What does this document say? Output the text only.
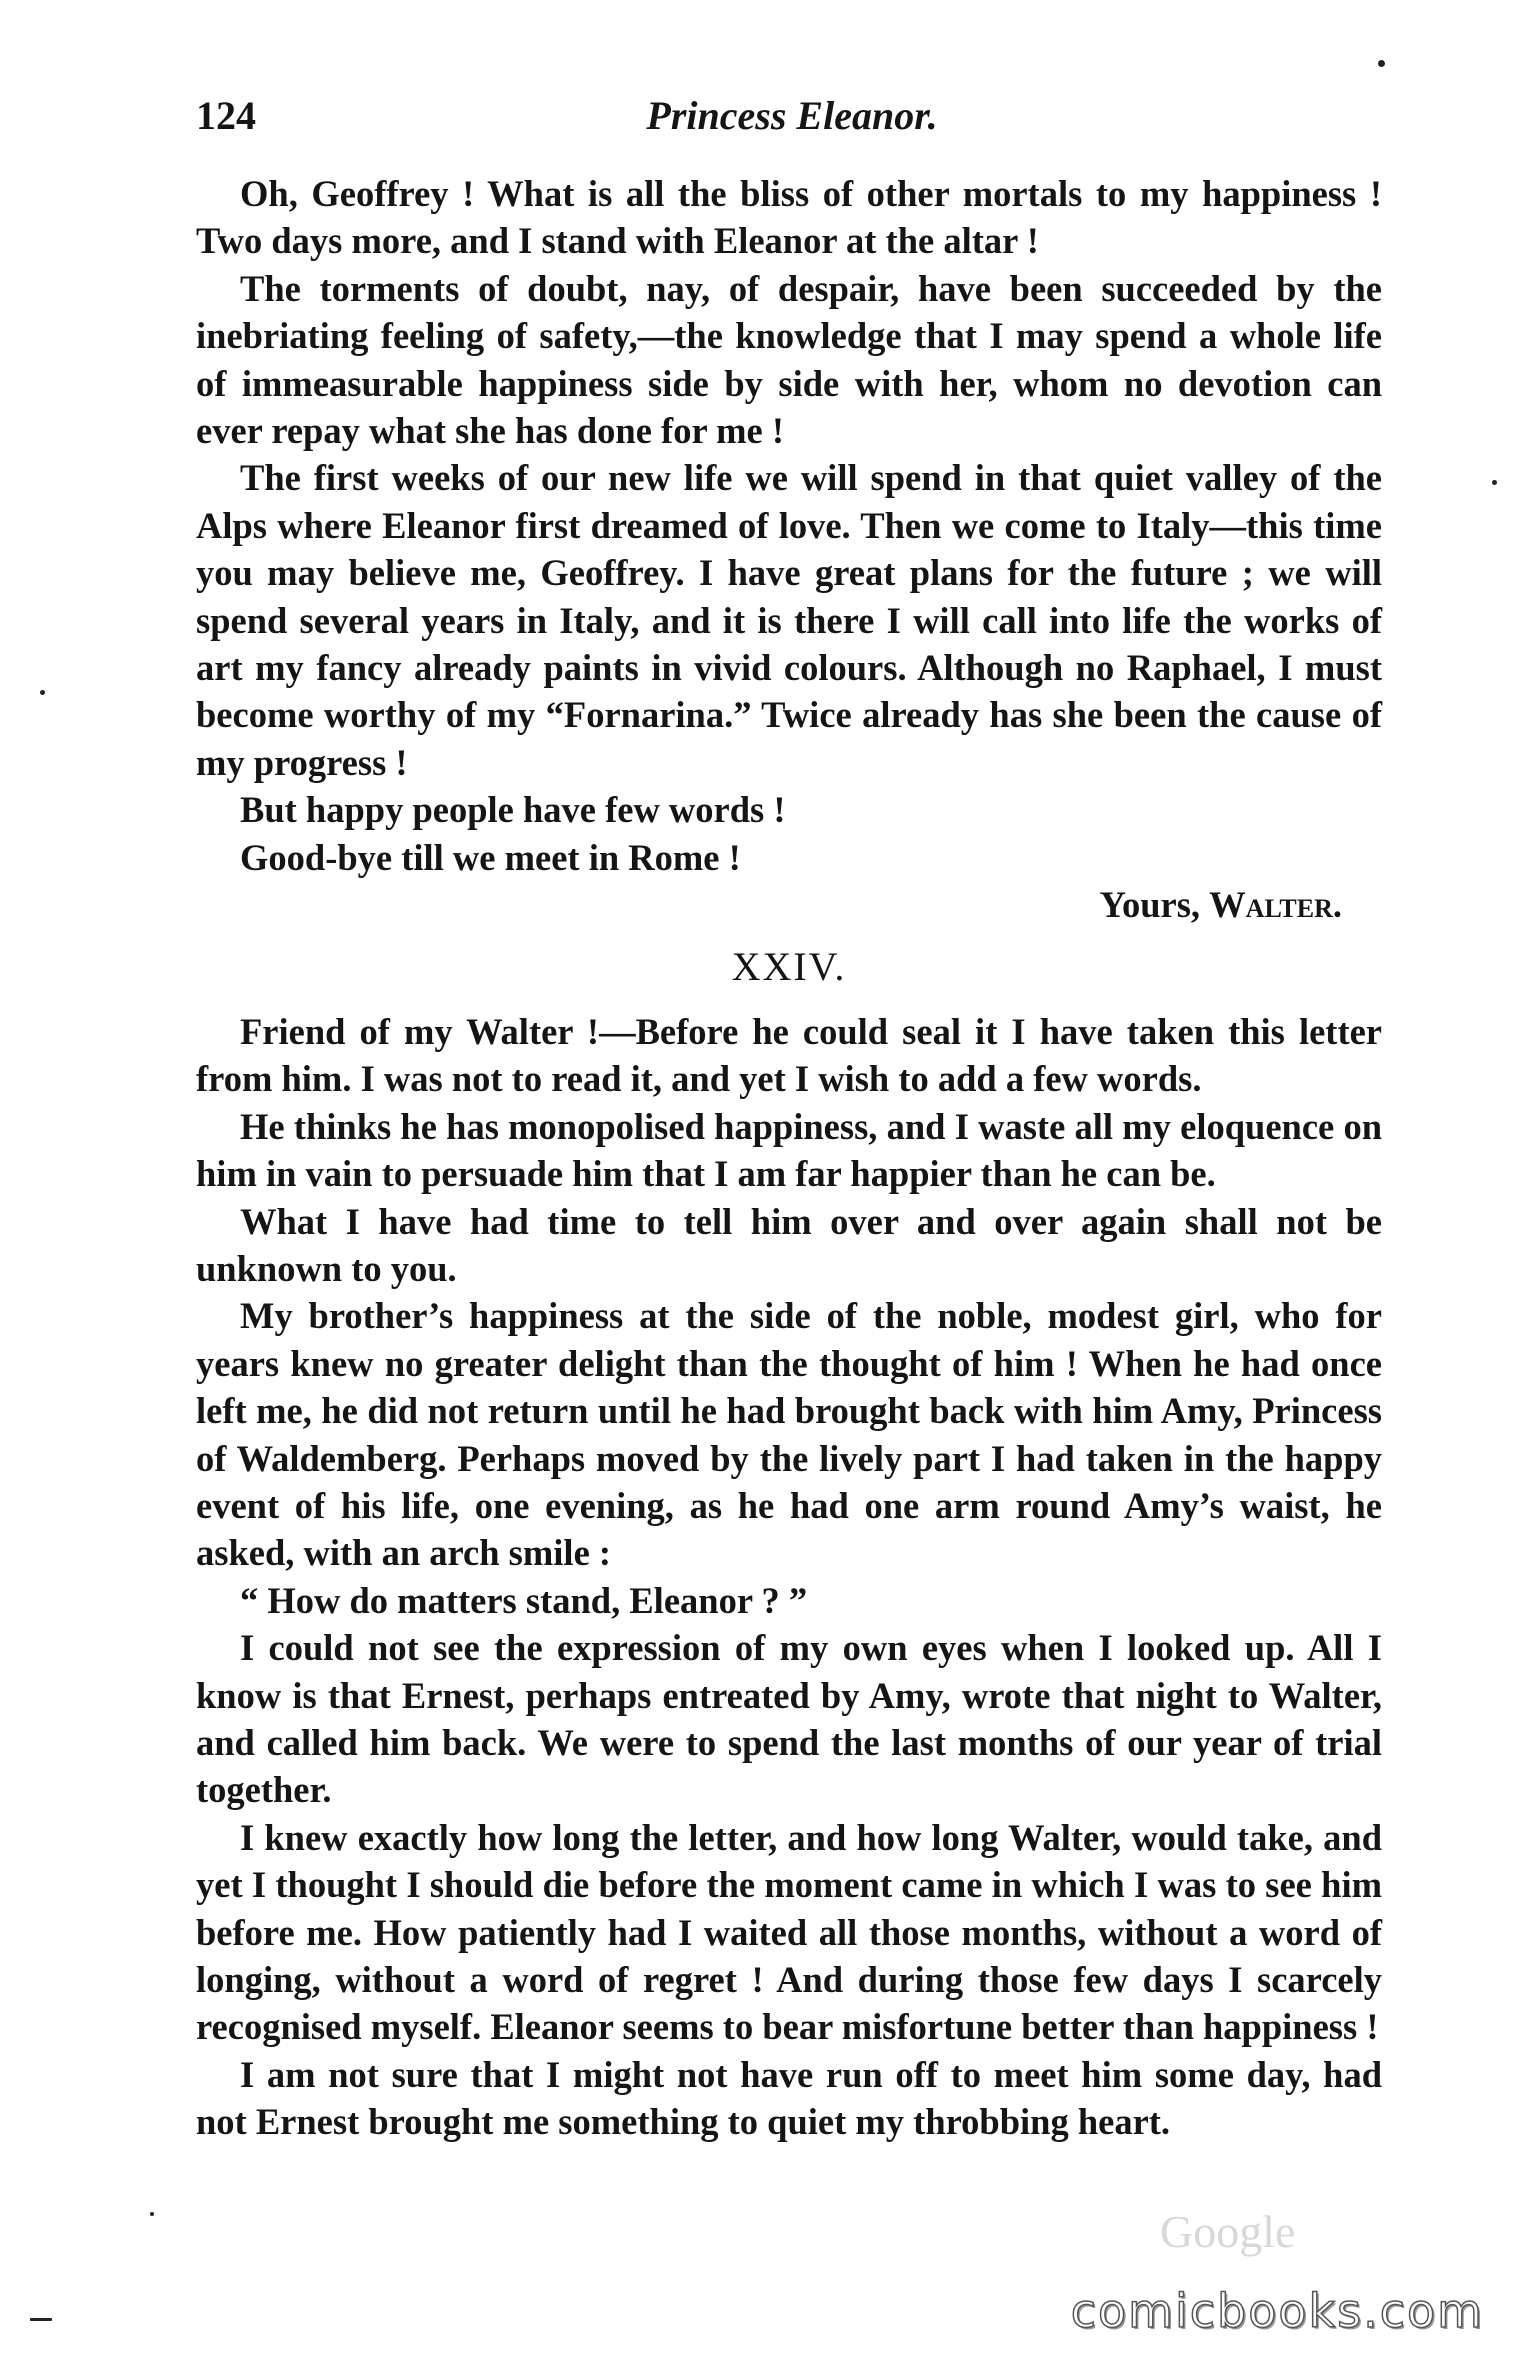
124	Princess Eleanor.

Oh, Geoffrey ! What is all the bliss of other mortals to my happiness ! Two days more, and I stand with Eleanor at the altar !

The torments of doubt, nay, of despair, have been succeeded by the inebriating feeling of safety,—the knowledge that I may spend a whole life of immeasurable happiness side by side with her, whom no devotion can ever repay what she has done for me !

The first weeks of our new life we will spend in that quiet valley of the Alps where Eleanor first dreamed of love. Then we come to Italy—this time you may believe me, Geoffrey. I have great plans for the future ; we will spend several years in Italy, and it is there I will call into life the works of art my fancy already paints in vivid colours. Although no Raphael, I must become worthy of my “Fornarina.” Twice already has she been the cause of my progress !

But happy people have few words !

Good-bye till we meet in Rome !

Yours, Walter.

XXIV.

Friend of my Walter !—Before he could seal it I have taken this letter from him. I was not to read it, and yet I wish to add a few words.

He thinks he has monopolised happiness, and I waste all my eloquence on him in vain to persuade him that I am far happier than he can be.

What I have had time to tell him over and over again shall not be unknown to you.

My brother’s happiness at the side of the noble, modest girl, who for years knew no greater delight than the thought of him ! When he had once left me, he did not return until he had brought back with him Amy, Princess of Waldemberg. Perhaps moved by the lively part I had taken in the happy event of his life, one evening, as he had one arm round Amy’s waist, he asked, with an arch smile :

“ How do matters stand, Eleanor ? ”

I could not see the expression of my own eyes when I looked up. All I know is that Ernest, perhaps entreated by Amy, wrote that night to Walter, and called him back. We were to spend the last months of our year of trial together.

I knew exactly how long the letter, and how long Walter, would take, and yet I thought I should die before the moment came in which I was to see him before me. How patiently had I waited all those months, without a word of longing, without a word of regret ! And during those few days I scarcely recognised myself. Eleanor seems to bear misfortune better than happiness !

I am not sure that I might not have run off to meet him some day, had not Ernest brought me something to quiet my throbbing heart.

Google
comicbooks.com
